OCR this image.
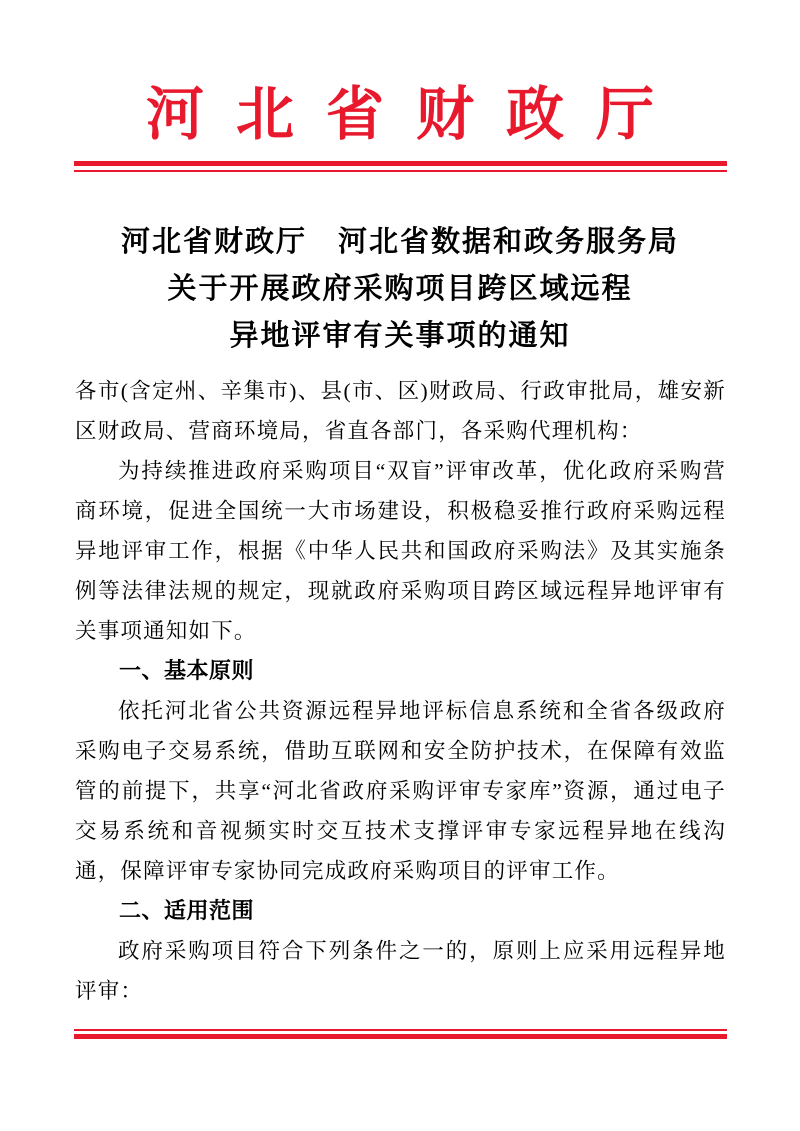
河北省财政厅
河北省财政厅　河北省数据和政务服务局
关于开展政府采购项目跨区域远程
异地评审有关事项的通知

各市(含定州、辛集市)、县(市、区)财政局、行政审批局，雄安新区财政局、营商环境局，省直各部门，各采购代理机构：

为持续推进政府采购项目“双盲”评审改革，优化政府采购营商环境，促进全国统一大市场建设，积极稳妥推行政府采购远程异地评审工作，根据《中华人民共和国政府采购法》及其实施条例等法律法规的规定，现就政府采购项目跨区域远程异地评审有关事项通知如下。

一、基本原则

依托河北省公共资源远程异地评标信息系统和全省各级政府采购电子交易系统，借助互联网和安全防护技术，在保障有效监管的前提下，共享“河北省政府采购评审专家库”资源，通过电子交易系统和音视频实时交互技术支撑评审专家远程异地在线沟通，保障评审专家协同完成政府采购项目的评审工作。

二、适用范围

政府采购项目符合下列条件之一的，原则上应采用远程异地评审：
